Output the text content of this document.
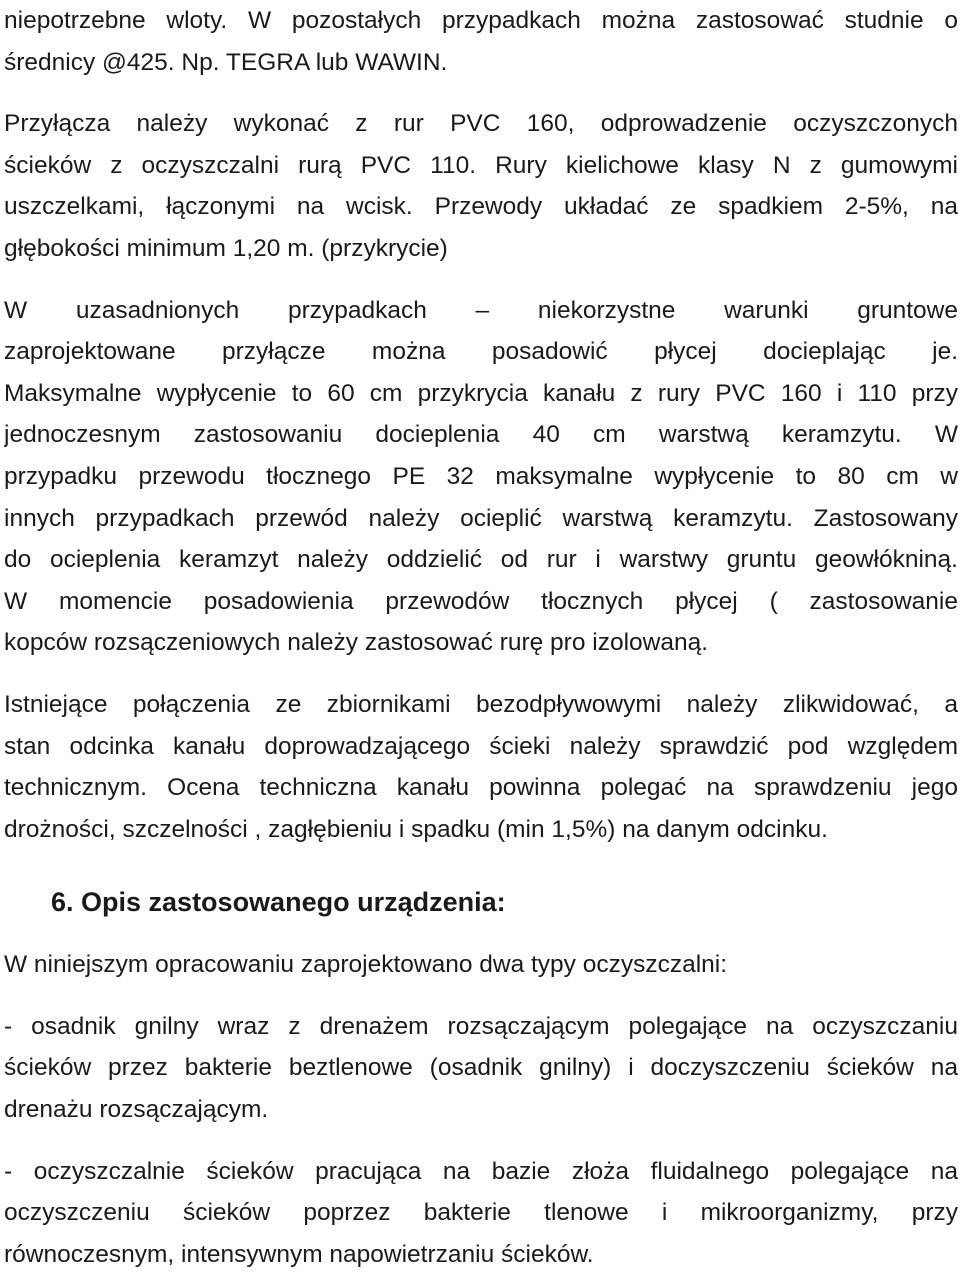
niepotrzebne wloty. W pozostałych przypadkach można zastosować studnie o
średnicy @425. Np. TEGRA lub WAWIN.
Przyłącza należy wykonać z rur PVC 160, odprowadzenie oczyszczonych
ścieków z oczyszczalni rurą PVC 110. Rury kielichowe klasy N z gumowymi
uszczelkami, łączonymi na wcisk. Przewody układać ze spadkiem 2-5%, na
głębokości minimum 1,20 m. (przykrycie)
W uzasadnionych przypadkach – niekorzystne warunki gruntowe
zaprojektowane przyłącze można posadowić płycej docieplając je.
Maksymalne wypłycenie to 60 cm przykrycia kanału z rury PVC 160 i 110 przy
jednoczesnym zastosowaniu docieplenia 40 cm warstwą keramzytu. W
przypadku przewodu tłocznego PE 32 maksymalne wypłycenie to 80 cm w
innych przypadkach przewód należy ocieplić warstwą keramzytu. Zastosowany
do ocieplenia keramzyt należy oddzielić od rur i warstwy gruntu geowłókniną.
W momencie posadowienia przewodów tłocznych płycej ( zastosowanie
kopców rozsączeniowych należy zastosować rurę pro izolowaną.
Istniejące połączenia ze zbiornikami bezodpływowymi należy zlikwidować, a
stan odcinka kanału doprowadzającego ścieki należy sprawdzić pod względem
technicznym. Ocena techniczna kanału powinna polegać na sprawdzeniu jego
drożności, szczelności , zagłębieniu i spadku (min 1,5%) na danym odcinku.
6. Opis zastosowanego urządzenia:
W niniejszym opracowaniu zaprojektowano dwa typy oczyszczalni:
- osadnik gnilny wraz z drenażem rozsączającym polegające na oczyszczaniu
ścieków przez bakterie beztlenowe (osadnik gnilny) i doczyszczeniu ścieków na
drenażu rozsączającym.
- oczyszczalnie ścieków pracująca na bazie złoża fluidalnego polegające na
oczyszczeniu ścieków poprzez bakterie tlenowe i mikroorganizmy, przy
równoczesnym, intensywnym napowietrzaniu ścieków.
